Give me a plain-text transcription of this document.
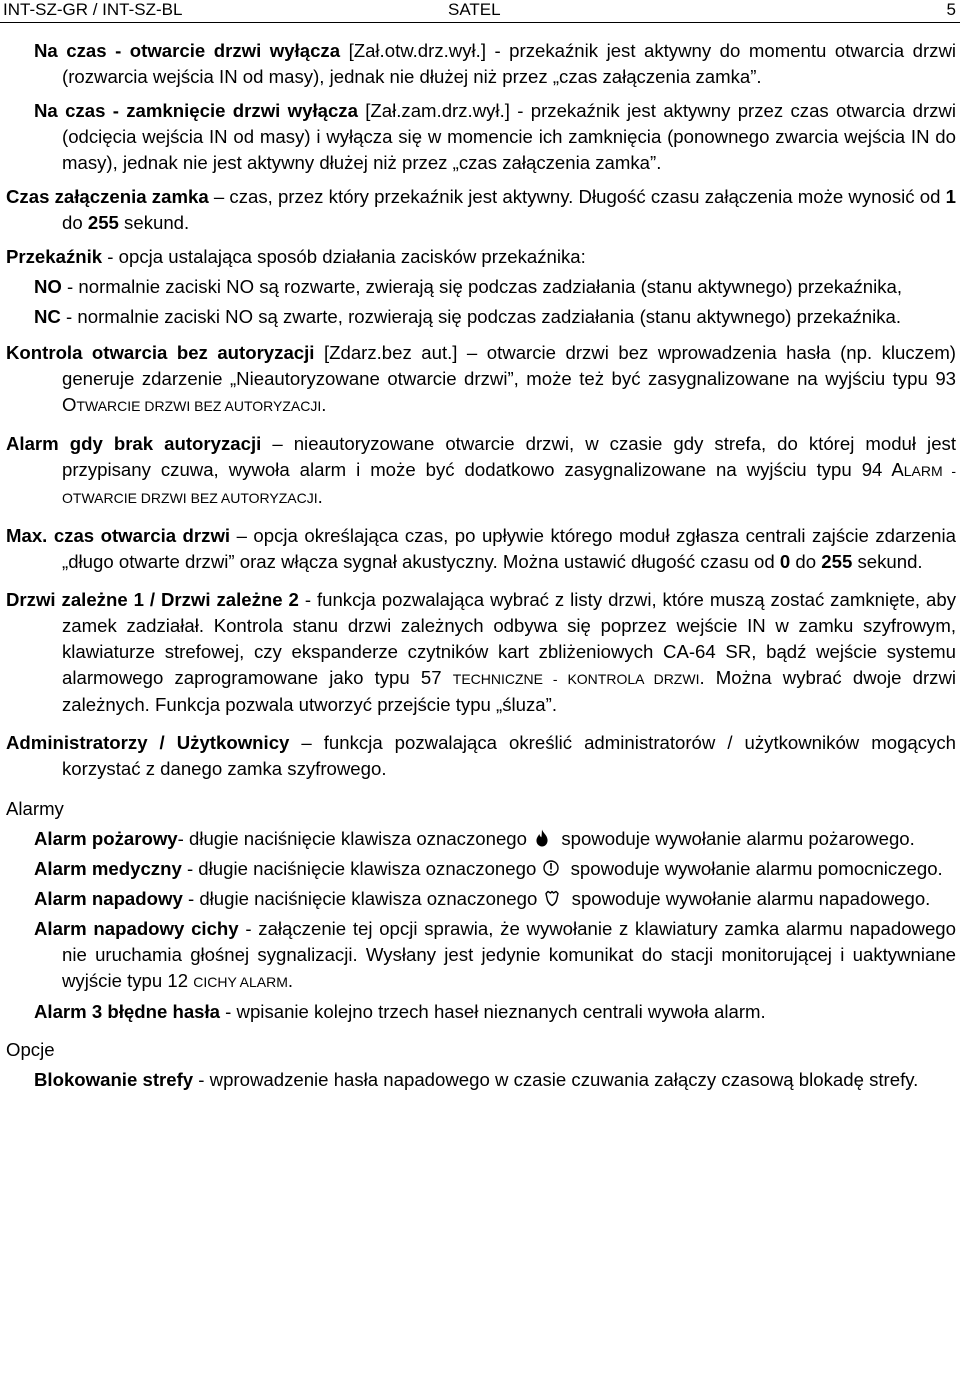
INT-SZ-GR / INT-SZ-BL	SATEL	5

Na czas - otwarcie drzwi wyłącza [Zał.otw.drz.wył.] - przekaźnik jest aktywny do momentu otwarcia drzwi (rozwarcia wejścia IN od masy), jednak nie dłużej niż przez „czas załączenia zamka”.

Na czas - zamknięcie drzwi wyłącza [Zał.zam.drz.wył.] - przekaźnik jest aktywny przez czas otwarcia drzwi (odcięcia wejścia IN od masy) i wyłącza się w momencie ich zamknięcia (ponownego zwarcia wejścia IN do masy), jednak nie jest aktywny dłużej niż przez „czas załączenia zamka”.

Czas załączenia zamka – czas, przez który przekaźnik jest aktywny. Długość czasu załączenia może wynosić od 1 do 255 sekund.

Przekaźnik - opcja ustalająca sposób działania zacisków przekaźnika:

NO - normalnie zaciski NO są rozwarte, zwierają się podczas zadziałania (stanu aktywnego) przekaźnika,

NC - normalnie zaciski NO są zwarte, rozwierają się podczas zadziałania (stanu aktywnego) przekaźnika.

Kontrola otwarcia bez autoryzacji [Zdarz.bez aut.] – otwarcie drzwi bez wprowadzenia hasła (np. kluczem) generuje zdarzenie „Nieautoryzowane otwarcie drzwi”, może też być zasygnalizowane na wyjściu typu 93 OTWARCIE DRZWI BEZ AUTORYZACJI.

Alarm gdy brak autoryzacji – nieautoryzowane otwarcie drzwi, w czasie gdy strefa, do której moduł jest przypisany czuwa, wywoła alarm i może być dodatkowo zasygnalizowane na wyjściu typu 94 ALARM - OTWARCIE DRZWI BEZ AUTORYZACJI.

Max. czas otwarcia drzwi – opcja określająca czas, po upływie którego moduł zgłasza centrali zajście zdarzenia „długo otwarte drzwi” oraz włącza sygnał akustyczny. Można ustawić długość czasu od 0 do 255 sekund.

Drzwi zależne 1 / Drzwi zależne 2 - funkcja pozwalająca wybrać z listy drzwi, które muszą zostać zamknięte, aby zamek zadziałał. Kontrola stanu drzwi zależnych odbywa się poprzez wejście IN w zamku szyfrowym, klawiaturze strefowej, czy ekspanderze czytników kart zbliżeniowych CA-64 SR, bądź wejście systemu alarmowego zaprogramowane jako typu 57 TECHNICZNE - KONTROLA DRZWI. Można wybrać dwoje drzwi zależnych. Funkcja pozwala utworzyć przejście typu „śluza”.

Administratorzy / Użytkownicy – funkcja pozwalająca określić administratorów / użytkowników mogących korzystać z danego zamka szyfrowego.

Alarmy

Alarm pożarowy- długie naciśnięcie klawisza oznaczonego
spowoduje wywołanie alarmu pożarowego.

Alarm medyczny - długie naciśnięcie klawisza oznaczonego
spowoduje wywołanie alarmu pomocniczego.

Alarm napadowy - długie naciśnięcie klawisza oznaczonego
spowoduje wywołanie alarmu napadowego.

Alarm napadowy cichy - załączenie tej opcji sprawia, że wywołanie z klawiatury zamka alarmu napadowego nie uruchamia głośnej sygnalizacji. Wysłany jest jedynie komunikat do stacji monitorującej i uaktywniane wyjście typu 12 CICHY ALARM.

Alarm 3 błędne hasła - wpisanie kolejno trzech haseł nieznanych centrali wywoła alarm.

Opcje

Blokowanie strefy - wprowadzenie hasła napadowego w czasie czuwania załączy czasową blokadę strefy.
